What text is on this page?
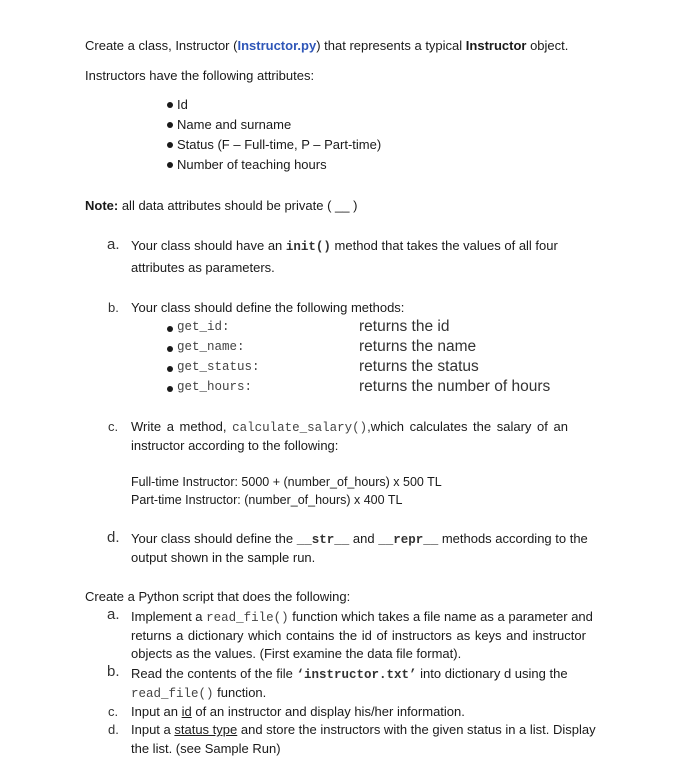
Create a class, Instructor (Instructor.py) that represents a typical Instructor object.
Instructors have the following attributes:
Id
Name and surname
Status (F – Full-time, P – Part-time)
Number of teaching hours
Note: all data attributes should be private ( __ )
a. Your class should have an init() method that takes the values of all four
attributes as parameters.
b. Your class should define the following methods:
get_id:	returns the id
get_name:	returns the name
get_status:	returns the status
get_hours:	returns the number of hours
c. Write a method, calculate_salary(),which calculates the salary of an
instructor according to the following:
Full-time Instructor: 5000 + (number_of_hours) x 500 TL
Part-time Instructor: (number_of_hours) x 400 TL
d. Your class should define the __str__ and __repr__ methods according to the
output shown in the sample run.
Create a Python script that does the following:
a. Implement a read_file() function which takes a file name as a parameter and
returns a dictionary which contains the id of instructors as keys and instructor
objects as the values. (First examine the data file format).
b. Read the contents of the file ‘instructor.txt’ into dictionary d using the
read_file() function.
c. Input an id of an instructor and display his/her information.
d. Input a status type and store the instructors with the given status in a list. Display
the list. (see Sample Run)
